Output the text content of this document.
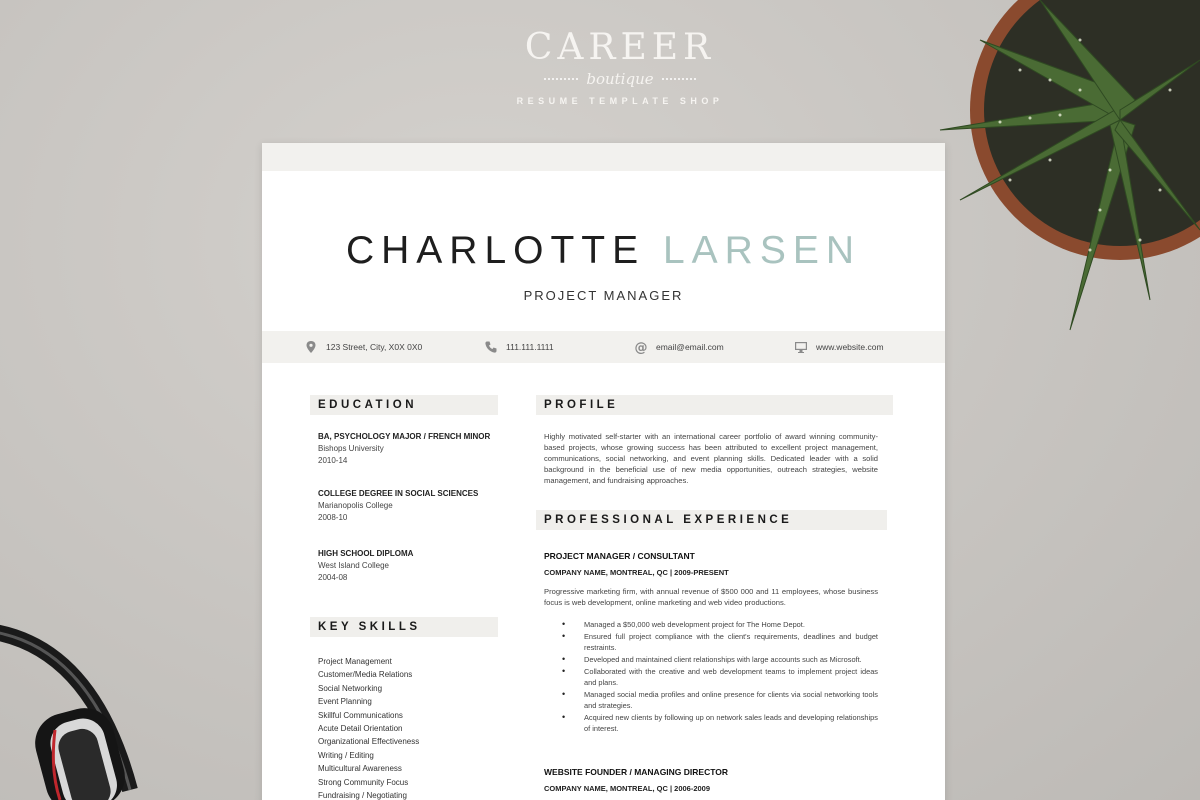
CAREER
boutique
RESUME TEMPLATE SHOP
CHARLOTTE LARSEN
PROJECT MANAGER
123 Street, City, X0X 0X0	111.111.1111	@ email@email.com	www.website.com
EDUCATION
BA, PSYCHOLOGY MAJOR / FRENCH MINOR
Bishops University
2010-14
COLLEGE DEGREE IN SOCIAL SCIENCES
Marianopolis College
2008-10
HIGH SCHOOL DIPLOMA
West Island College
2004-08
KEY SKILLS
Project Management
Customer/Media Relations
Social Networking
Event Planning
Skillful Communications
Acute Detail Orientation
Organizational Effectiveness
Writing / Editing
Multicultural Awareness
Strong Community Focus
Fundraising / Negotiating
PROFILE
Highly motivated self-starter with an international career portfolio of award winning community-based projects, whose growing success has been attributed to excellent project management, communications, social networking, and event planning skills. Dedicated leader with a solid background in the beneficial use of new media opportunities, outreach strategies, website management, and fundraising approaches.
PROFESSIONAL EXPERIENCE
PROJECT MANAGER / CONSULTANT
COMPANY NAME, MONTREAL, QC | 2009-PRESENT
Progressive marketing firm, with annual revenue of $500 000 and 11 employees, whose business focus is web development, online marketing and web video productions.
• Managed a $50,000 web development project for The Home Depot.
• Ensured full project compliance with the client's requirements, deadlines and budget restraints.
• Developed and maintained client relationships with large accounts such as Microsoft.
• Collaborated with the creative and web development teams to implement project ideas and plans.
• Managed social media profiles and online presence for clients via social networking tools and strategies.
• Acquired new clients by following up on network sales leads and developing relationships of interest.
WEBSITE FOUNDER / MANAGING DIRECTOR
COMPANY NAME, MONTREAL, QC | 2006-2009
